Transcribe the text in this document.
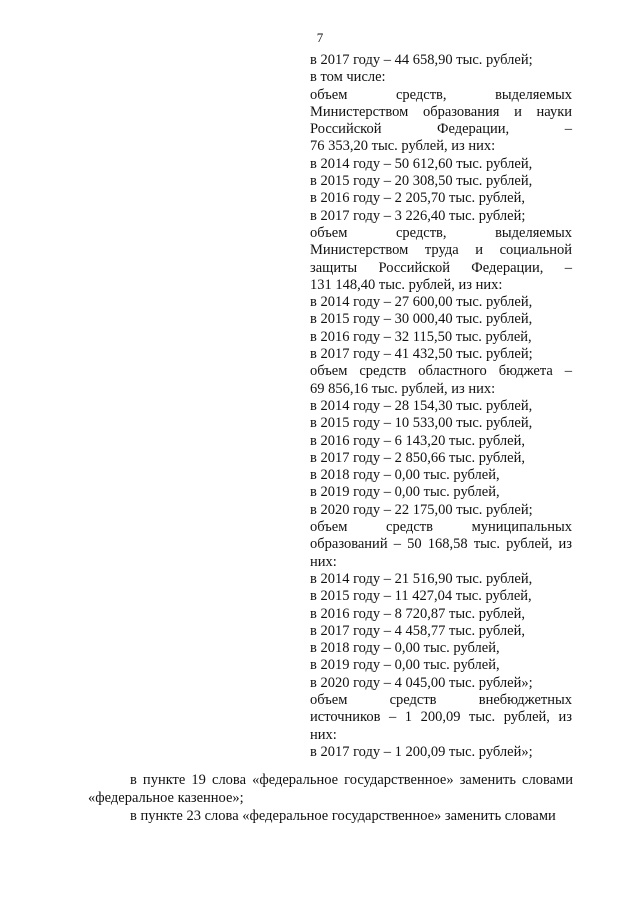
7
в 2017 году – 44 658,90 тыс. рублей;
в том числе:
объем средств, выделяемых
Министерством образования и науки
Российской Федерации, –
76 353,20 тыс. рублей, из них:
в 2014 году – 50 612,60 тыс. рублей,
в 2015 году – 20 308,50 тыс. рублей,
в 2016 году – 2 205,70 тыс. рублей,
в 2017 году – 3 226,40 тыс. рублей;
объем средств, выделяемых
Министерством труда и социальной
защиты Российской Федерации, –
131 148,40 тыс. рублей, из них:
в 2014 году – 27 600,00 тыс. рублей,
в 2015 году – 30 000,40 тыс. рублей,
в 2016 году – 32 115,50 тыс. рублей,
в 2017 году – 41 432,50 тыс. рублей;
объем средств областного бюджета –
69 856,16 тыс. рублей, из них:
в 2014 году – 28 154,30 тыс. рублей,
в 2015 году – 10 533,00 тыс. рублей,
в 2016 году – 6 143,20 тыс. рублей,
в 2017 году – 2 850,66 тыс. рублей,
в 2018 году – 0,00 тыс. рублей,
в 2019 году – 0,00 тыс. рублей,
в 2020 году – 22 175,00 тыс. рублей;
объем средств муниципальных
образований – 50 168,58 тыс. рублей, из
них:
в 2014 году – 21 516,90 тыс. рублей,
в 2015 году – 11 427,04 тыс. рублей,
в 2016 году – 8 720,87 тыс. рублей,
в 2017 году – 4 458,77 тыс. рублей,
в 2018 году – 0,00 тыс. рублей,
в 2019 году – 0,00 тыс. рублей,
в 2020 году – 4 045,00 тыс. рублей»;
объем средств внебюджетных
источников – 1 200,09 тыс. рублей, из
них:
в 2017 году – 1 200,09 тыс. рублей»;
в пункте 19 слова «федеральное государственное» заменить словами «федеральное казенное»;
в пункте 23 слова «федеральное государственное» заменить словами
